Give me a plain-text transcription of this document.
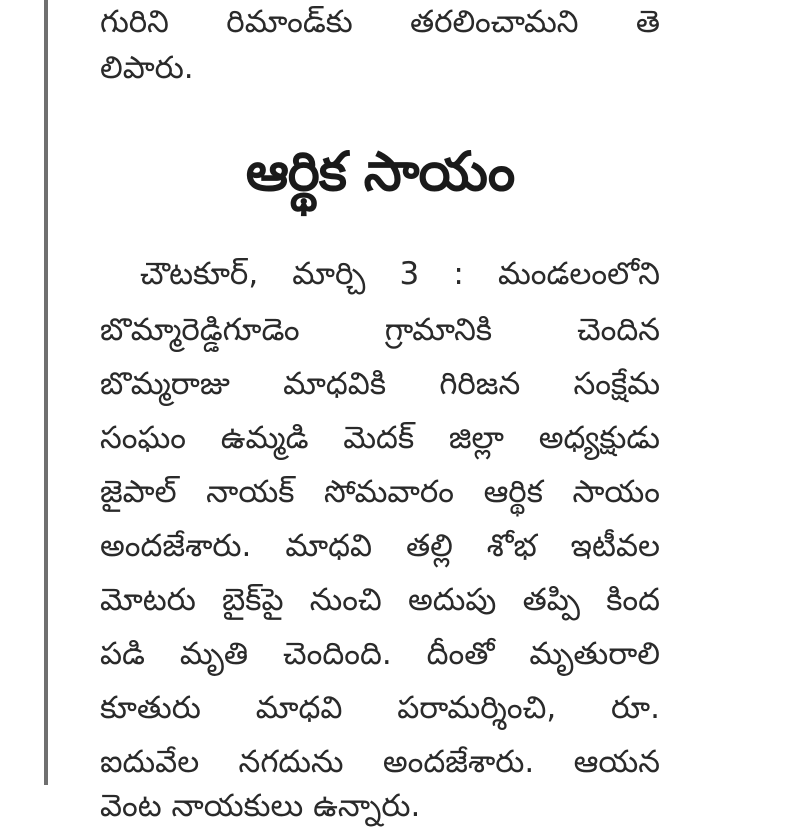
గురిని రిమాండ్‌కు తరలించామని తె
లిపారు.
ఆర్థిక సాయం
చౌటకూర్, మార్చి 3 : మండలంలోని
బొమ్మారెడ్డిగూడెం గ్రామానికి చెందిన
బొమ్మరాజు మాధవికి గిరిజన సంక్షేమ
సంఘం ఉమ్మడి మెదక్ జిల్లా అధ్యక్షుడు
జైపాల్ నాయక్ సోమవారం ఆర్థిక సాయం
అందజేశారు. మాధవి తల్లి శోభ ఇటీవల
మోటరు బైక్‌పై నుంచి అదుపు తప్పి కింద
పడి మృతి చెందింది. దీంతో మృతురాలి
కూతురు మాధవి పరామర్శించి, రూ.
ఐదువేల నగదును అందజేశారు. ఆయన
వెంట నాయకులు ఉన్నారు.
